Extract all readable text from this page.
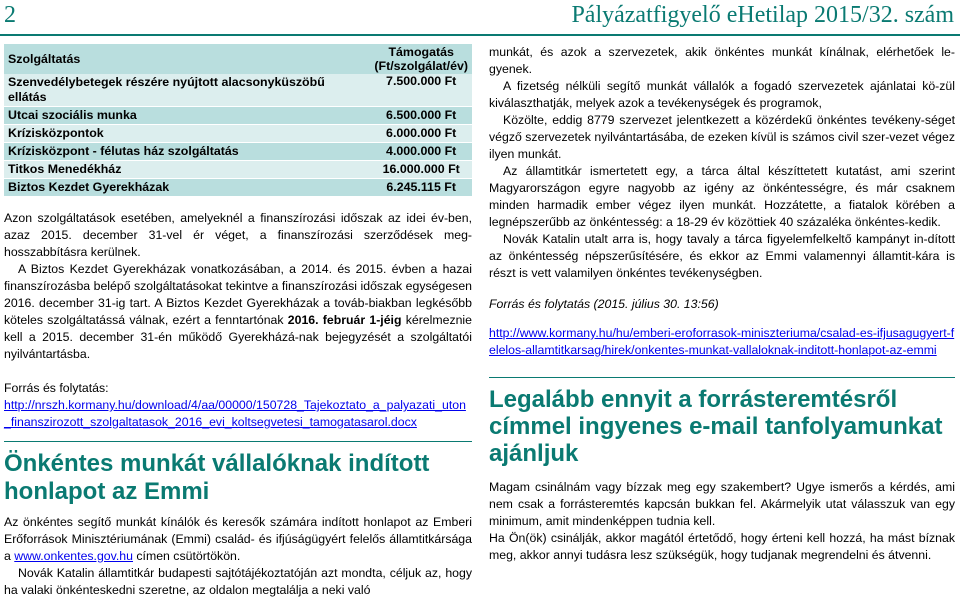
2	Pályázatfigyelő eHetilap 2015/32. szám
Szolgáltatás	Támogatás
(Ft/szolgálat/év)

Szenvedélybetegek részére nyújtott alacsonyküszöbű ellátás	7.500.000 Ft
Utcai szociális munka	6.500.000 Ft
Krízisközpontok	6.000.000 Ft
Krízisközpont - félutas ház szolgáltatás	4.000.000 Ft
Titkos Menedékház	16.000.000 Ft
Biztos Kezdet Gyerekházak	6.245.115 Ft

Azon szolgáltatások esetében, amelyeknél a finanszírozási időszak az idei év-ben, azaz 2015. december 31-vel ér véget, a finanszírozási szerződések meg-hosszabbításra kerülnek.

A Biztos Kezdet Gyerekházak vonatkozásában, a 2014. és 2015. évben a hazai finanszírozásba belépő szolgáltatásokat tekintve a finanszírozási időszak egységesen 2016. december 31-ig tart. A Biztos Kezdet Gyerekházak a továb-biakban legkésőbb köteles szolgáltatássá válnak, ezért a fenntartónak 2016. február 1-jéig kérelmeznie kell a 2015. december 31-én működő Gyerekházá-nak bejegyzését a szolgáltatói nyilvántartásba.

Forrás és folytatás:

http://nrszh.kormany.hu/download/4/aa/00000/150728_Tajekoztato_a_palyazati_uton_finanszirozott_szolgaltatasok_2016_evi_koltsegvetesi_tamogatasarol.docx

Önkéntes munkát vállalóknak indított honlapot az Emmi

Az önkéntes segítő munkát kínálók és keresők számára indított honlapot az Emberi Erőforrások Minisztériumának (Emmi) család- és ifjúságügyért felelős államtitkársága a www.onkentes.gov.hu címen csütörtökön.

Novák Katalin államtitkár budapesti sajtótájékoztatóján azt mondta, céljuk az, hogy ha valaki önkénteskedni szeretne, az oldalon megtalálja a neki való

munkát, és azok a szervezetek, akik önkéntes munkát kínálnak, elérhetőek le-gyenek.

A fizetség nélküli segítő munkát vállalók a fogadó szervezetek ajánlatai kö-zül kiválaszthatják, melyek azok a tevékenységek és programok,

Közölte, eddig 8779 szervezet jelentkezett a közérdekű önkéntes tevékeny-séget végző szervezetek nyilvántartásába, de ezeken kívül is számos civil szer-vezet végez ilyen munkát.

Az államtitkár ismertetett egy, a tárca által készíttetett kutatást, ami szerint Magyarországon egyre nagyobb az igény az önkéntességre, és már csaknem minden harmadik ember végez ilyen munkát. Hozzátette, a fiatalok körében a legnépszerűbb az önkéntesség: a 18-29 év közöttiek 40 százaléka önkéntes-kedik.

Novák Katalin utalt arra is, hogy tavaly a tárca figyelemfelkeltő kampányt in-dított az önkéntesség népszerűsítésére, és ekkor az Emmi valamennyi államtit-kára is részt is vett valamilyen önkéntes tevékenységben.

Forrás és folytatás (2015. július 30. 13:56)

http://www.kormany.hu/hu/emberi-eroforrasok-miniszteriuma/csalad-es-ifjusagugyert-felelos-allamtitkarsag/hirek/onkentes-munkat-vallaloknak-inditott-honlapot-az-emmi

Legalább ennyit a forrásteremtésről címmel ingyenes e-mail tanfolyamunkat ajánljuk

Magam csinálnám vagy bízzak meg egy szakembert? Ugye ismerős a kérdés, ami nem csak a forrásteremtés kapcsán bukkan fel. Akármelyik utat válasszuk van egy minimum, amit mindenképpen tudnia kell.

Ha Ön(ök) csinálják, akkor magától értetődő, hogy érteni kell hozzá, ha mást bíznak meg, akkor annyi tudásra lesz szükségük, hogy tudjanak megrendelni és átvenni.
